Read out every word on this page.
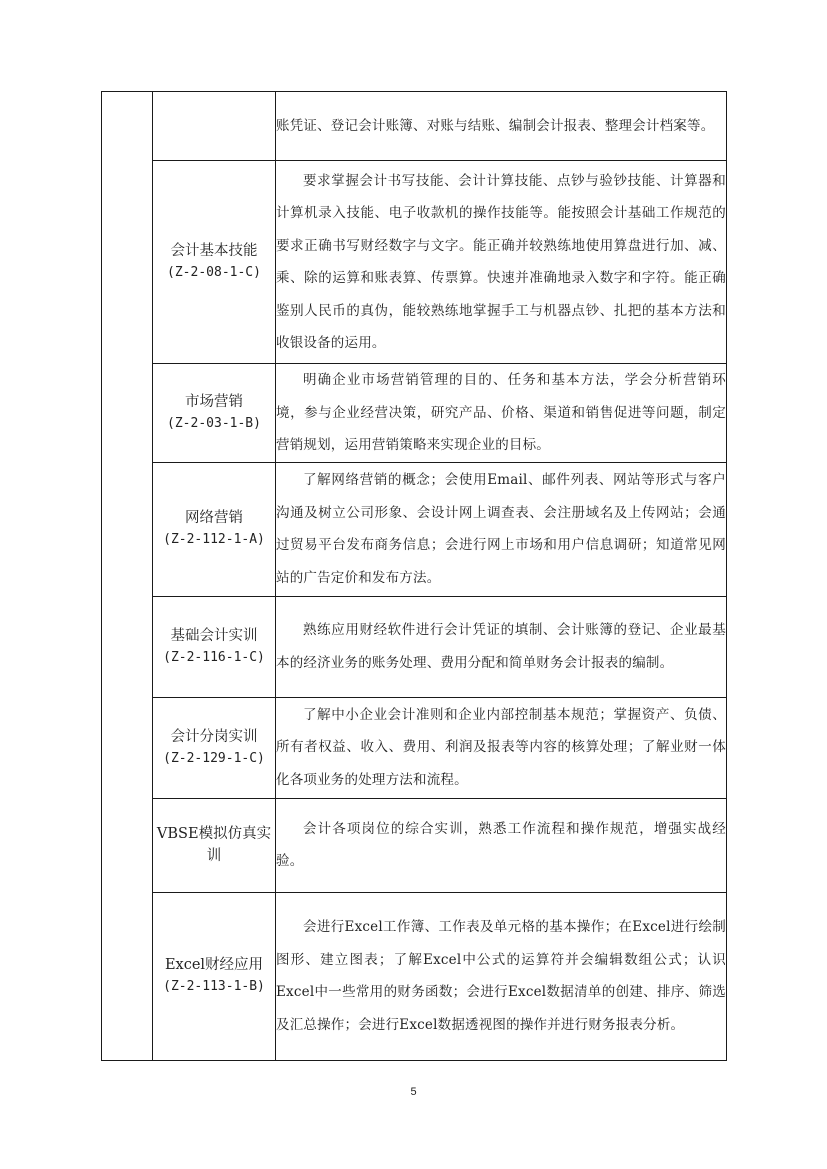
		账凭证、登记会计账簿、对账与结账、编制会计报表、整理会计档案等。

	会计基本技能
(Z-2-08-1-C)	要求掌握会计书写技能、会计计算技能、点钞与验钞技能、计算器和计算机录入技能、电子收款机的操作技能等。能按照会计基础工作规范的要求正确书写财经数字与文字。能正确并较熟练地使用算盘进行加、减、乘、除的运算和账表算、传票算。快速并准确地录入数字和字符。能正确鉴别人民币的真伪，能较熟练地掌握手工与机器点钞、扎把的基本方法和收银设备的运用。

	市场营销
(Z-2-03-1-B)	明确企业市场营销管理的目的、任务和基本方法，学会分析营销环境，参与企业经营决策，研究产品、价格、渠道和销售促进等问题，制定营销规划，运用营销策略来实现企业的目标。

	网络营销
(Z-2-112-1-A)	了解网络营销的概念；会使用Email、邮件列表、网站等形式与客户沟通及树立公司形象、会设计网上调查表、会注册域名及上传网站；会通过贸易平台发布商务信息；会进行网上市场和用户信息调研；知道常见网站的广告定价和发布方法。

	基础会计实训
(Z-2-116-1-C)	熟练应用财经软件进行会计凭证的填制、会计账簿的登记、企业最基本的经济业务的账务处理、费用分配和简单财务会计报表的编制。

	会计分岗实训
(Z-2-129-1-C)	了解中小企业会计准则和企业内部控制基本规范；掌握资产、负债、所有者权益、收入、费用、利润及报表等内容的核算处理；了解业财一体化各项业务的处理方法和流程。

	VBSE模拟仿真实训	会计各项岗位的综合实训，熟悉工作流程和操作规范，增强实战经验。

	Excel财经应用
(Z-2-113-1-B)	会进行Excel工作簿、工作表及单元格的基本操作；在Excel进行绘制图形、建立图表；了解Excel中公式的运算符并会编辑数组公式；认识Excel中一些常用的财务函数；会进行Excel数据清单的创建、排序、筛选及汇总操作；会进行Excel数据透视图的操作并进行财务报表分析。
5
